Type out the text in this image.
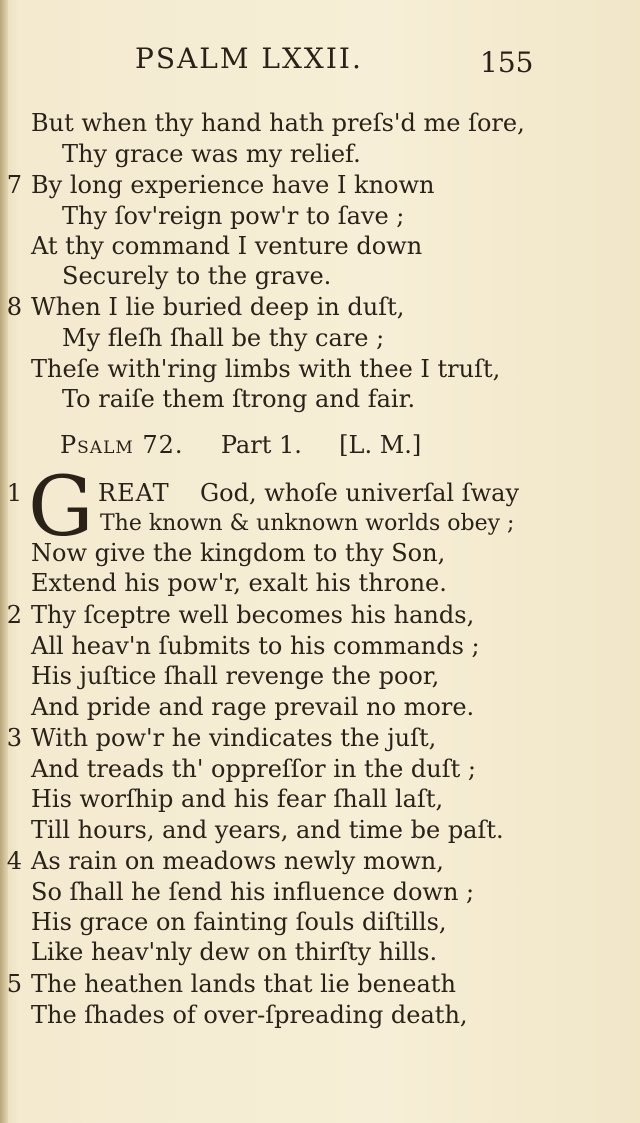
PSALM LXXII.	155
But when thy hand hath preſs'd me ſore,
Thy grace was my relief.
7 By long experience have I known
Thy ſov'reign pow'r to ſave ;
At thy command I venture down
Securely to the grave.
8 When I lie buried deep in duſt,
My fleſh ſhall be thy care ;
Theſe with'ring limbs with thee I truſt,
To raiſe them ſtrong and fair.
Psalm 72. Part 1. [L. M.]
1 G REAT God, whoſe univerſal ſway
The known & unknown worlds obey ;
Now give the kingdom to thy Son,
Extend his pow'r, exalt his throne.
2 Thy ſceptre well becomes his hands,
All heav'n ſubmits to his commands ;
His juſtice ſhall revenge the poor,
And pride and rage prevail no more.
3 With pow'r he vindicates the juſt,
And treads th' oppreſſor in the duſt ;
His worſhip and his fear ſhall laſt,
Till hours, and years, and time be paſt.
4 As rain on meadows newly mown,
So ſhall he ſend his influence down ;
His grace on fainting ſouls diſtills,
Like heav'nly dew on thirſty hills.
5 The heathen lands that lie beneath
The ſhades of over-ſpreading death,
